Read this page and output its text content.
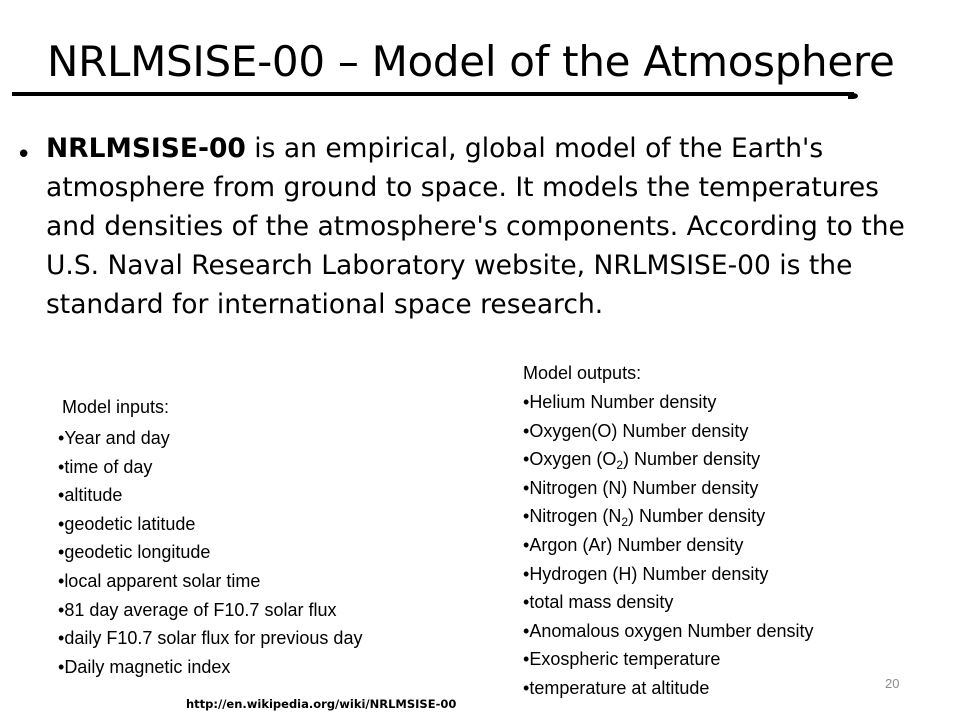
NRLMSISE-00 – Model of the Atmosphere
• NRLMSISE-00 is an empirical, global model of the Earth's atmosphere from ground to space. It models the temperatures and densities of the atmosphere's components. According to the U.S. Naval Research Laboratory website, NRLMSISE-00 is the standard for international space research.
Model inputs:
• Year and day
• time of day
• altitude
• geodetic latitude
• geodetic longitude
• local apparent solar time
• 81 day average of F10.7 solar flux
• daily F10.7 solar flux for previous day
• Daily magnetic index
Model outputs:
• Helium Number density
• Oxygen(O) Number density
• Oxygen $(O_2)$ Number density
• Nitrogen (N) Number density
• Nitrogen $(N_2)$ Number density
• Argon (Ar) Number density
• Hydrogen (H) Number density
• total mass density
• Anomalous oxygen Number density
• Exospheric temperature
• temperature at altitude	20
http://en.wikipedia.org/wiki/NRLMSISE-00
